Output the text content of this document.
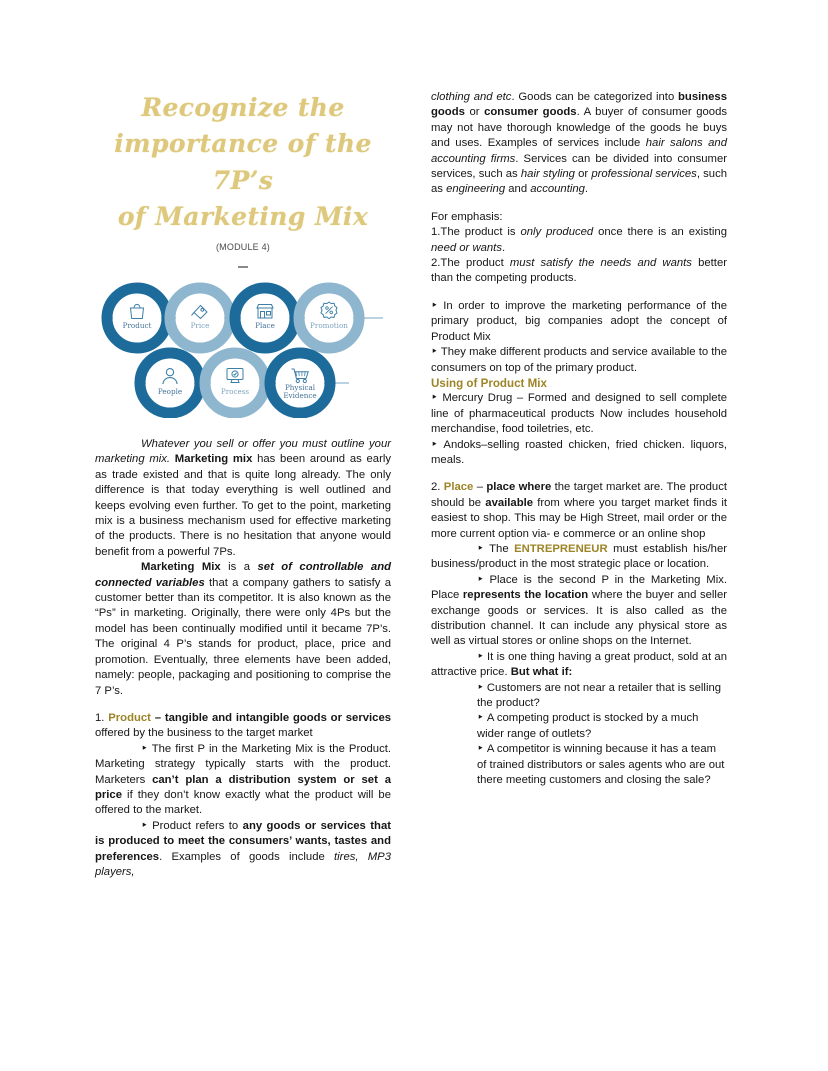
Recognize the
importance of the 7P’s
of Marketing Mix
(MODULE 4)
Product	Price	Place	Promotion
People	Process	Physical
Evidence

Whatever you sell or offer you must outline your marketing mix. Marketing mix has been around as early as trade existed and that is quite long already. The only difference is that today everything is well outlined and keeps evolving even further. To get to the point, marketing mix is a business mechanism used for effective marketing of the products. There is no hesitation that anyone would benefit from a powerful 7Ps.

Marketing Mix is a set of controllable and connected variables that a company gathers to satisfy a customer better than its competitor. It is also known as the “Ps” in marketing. Originally, there were only 4Ps but the model has been continually modified until it became 7P’s. The original 4 P’s stands for product, place, price and promotion. Eventually, three elements have been added, namely: people, packaging and positioning to comprise the 7 P’s.

1. Product – tangible and intangible goods or services offered by the business to the target market

‣ The first P in the Marketing Mix is the Product. Marketing strategy typically starts with the product. Marketers can’t plan a distribution system or set a price if they don’t know exactly what the product will be offered to the market.

‣ Product refers to any goods or services that is produced to meet the consumers’ wants, tastes and preferences. Examples of goods include tires, MP3 players,

clothing and etc. Goods can be categorized into business goods or consumer goods. A buyer of consumer goods may not have thorough knowledge of the goods he buys and uses. Examples of services include hair salons and accounting firms. Services can be divided into consumer services, such as hair styling or professional services, such as engineering and accounting.

For emphasis:

1.The product is only produced once there is an existing need or wants.

2.The product must satisfy the needs and wants better than the competing products.

‣ In order to improve the marketing performance of the primary product, big companies adopt the concept of Product Mix

‣ They make different products and service available to the consumers on top of the primary product.

Using of Product Mix

‣ Mercury Drug – Formed and designed to sell complete line of pharmaceutical products Now includes household merchandise, food toiletries, etc.

‣ Andoks–selling roasted chicken, fried chicken. liquors, meals.

2. Place – place where the target market are. The product should be available from where you target market finds it easiest to shop. This may be High Street, mail order or the more current option via- e commerce or an online shop

‣ The ENTREPRENEUR must establish his/her business/product in the most strategic place or location.

‣ Place is the second P in the Marketing Mix. Place represents the location where the buyer and seller exchange goods or services. It is also called as the distribution channel. It can include any physical store as well as virtual stores or online shops on the Internet.

‣ It is one thing having a great product, sold at an attractive price. But what if:

‣ Customers are not near a retailer that is selling the product?

‣ A competing product is stocked by a much wider range of outlets?

‣ A competitor is winning because it has a team of trained distributors or sales agents who are out there meeting customers and closing the sale?
